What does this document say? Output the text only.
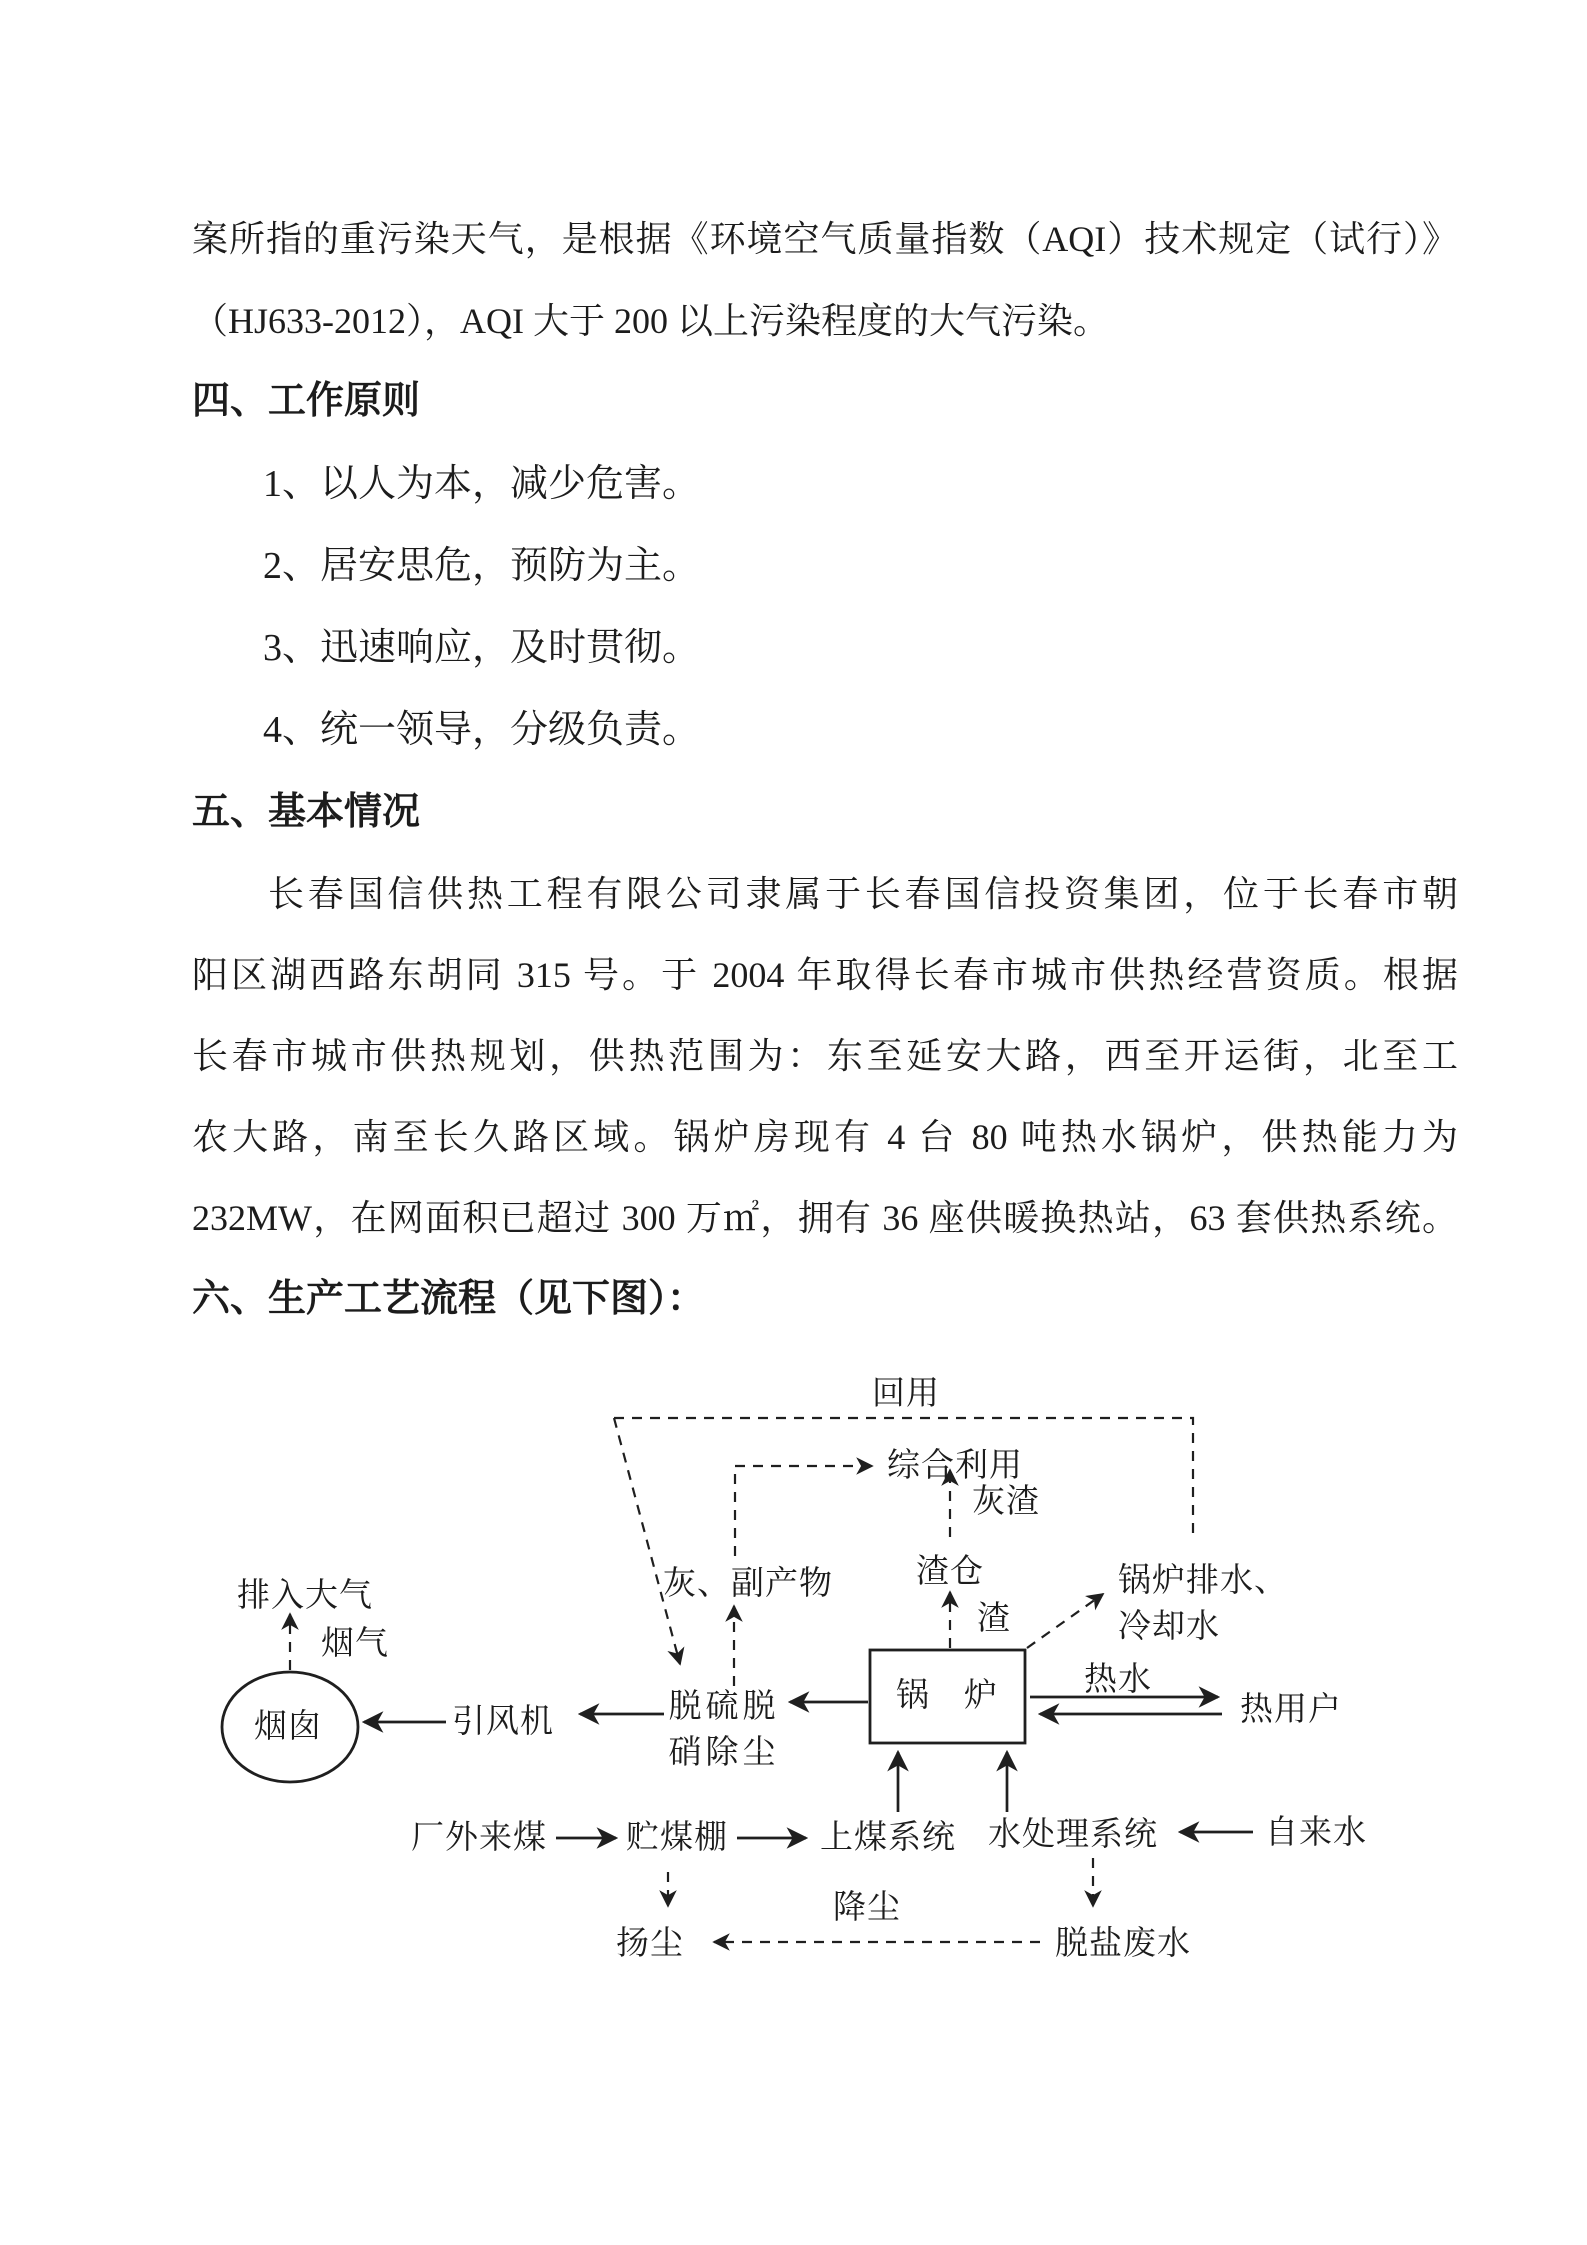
案所指的重污染天气，是根据《环境空气质量指数（AQI）技术规定（试行）》
（HJ633-2012），AQI 大于 200 以上污染程度的大气污染。
四、工作原则
1、以人为本，减少危害。
2、居安思危，预防为主。
3、迅速响应，及时贯彻。
4、统一领导，分级负责。
五、基本情况
长春国信供热工程有限公司隶属于长春国信投资集团，位于长春市朝
阳区湖西路东胡同 315 号。于 2004 年取得长春市城市供热经营资质。根据
长春市城市供热规划，供热范围为：东至延安大路，西至开运街，北至工
农大路，南至长久路区域。锅炉房现有 4 台 80 吨热水锅炉，供热能力为
232MW，在网面积已超过 300 万㎡，拥有 36 座供暖换热站，63 套供热系统。
六、生产工艺流程（见下图）：
回用
综合利用
灰渣
灰、副产物	渣仓
渣
锅炉排水、
冷却水
排入大气
烟气
烟囱	引风机	脱硫脱
硝除尘
锅　炉	热水
热用户
厂外来煤 贮煤棚	上煤系统 水处理系统	自来水
扬尘
降尘
脱盐废水
